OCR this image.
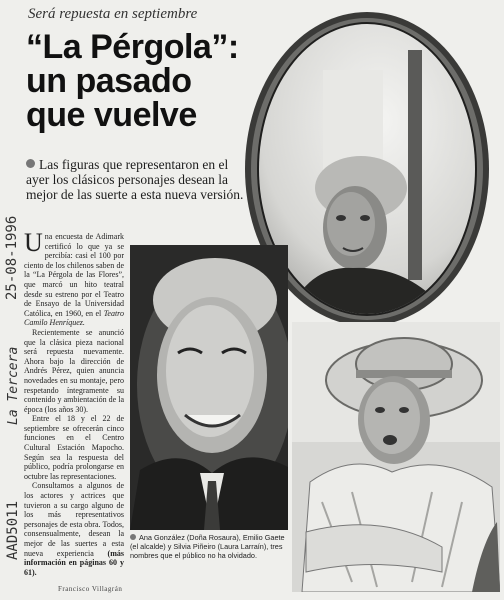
Será repuesta en septiembre
“La Pérgola”:
un pasado
que vuelve
Las figuras que representaron en el ayer los clásicos personajes desean la mejor de las suerte a esta nueva versión.

Una encuesta de Adimark certificó lo que ya se percibía: casi el 100 por ciento de los chilenos saben de la “La Pérgola de las Flores”, que marcó un hito teatral desde su estreno por el Teatro de Ensayo de la Universidad Católica, en 1960, en el Teatro Camilo Henríquez.

Recientemente se anunció que la clásica pieza nacional será repuesta nuevamente. Ahora bajo la dirección de Andrés Pérez, quien anuncia novedades en su montaje, pero respetando íntegramente su contenido y ambientación de la época (los años 30).

Entre el 18 y el 22 de septiembre se ofrecerán cinco funciones en el Centro Cultural Estación Mapocho. Según sea la respuesta del público, podría prolongarse en octubre las representaciones.

Consultamos a algunos de los actores y actrices que tuvieron a su cargo alguno de los más representativos personajes de esta obra. Todos, consensualmente, desean la mejor de las suertes a esta nueva experiencia (más información en páginas 60 y 61).

Ana González (Doña Rosaura), Emilio Gaete (el alcalde) y Silvia Piñeiro (Laura Larraín), tres nombres que el público no ha olvidado.
Francisco Villagrán
25-08-1996
La Tercera
AAD5011
